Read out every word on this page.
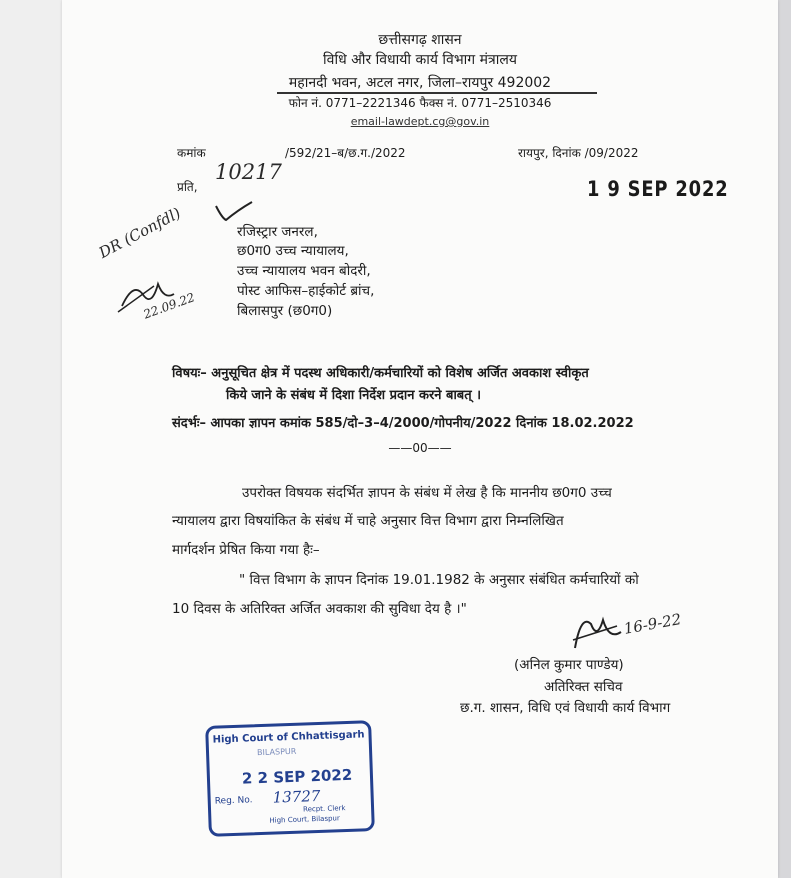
छत्तीसगढ़ शासन
विधि और विधायी कार्य विभाग मंत्रालय
महानदी भवन, अटल नगर, जिला–रायपुर 492002
फोन नं. 0771–2221346 फैक्स नं. 0771–2510346
email-lawdept.cg@gov.in
कमांक	/592/21–ब/छ.ग./2022	रायपुर, दिनांक /09/2022
10217
प्रति,	1 9 SEP 2022
रजिस्ट्रार जनरल,
छ0ग0 उच्च न्यायालय,
उच्च न्यायालय भवन बोदरी,
पोस्ट आफिस–हाईकोर्ट ब्रांच,
बिलासपुर (छ0ग0)
DR (Confdl)
22.09.22
विषयः– अनुसूचित क्षेत्र में पदस्थ अधिकारी/कर्मचारियों को विशेष अर्जित अवकाश स्वीकृत
किये जाने के संबंध में दिशा निर्देश प्रदान करने बाबत् ।
संदर्भः– आपका ज्ञापन कमांक 585/दो–3–4/2000/गोपनीय/2022 दिनांक 18.02.2022
——00——
उपरोक्त विषयक संदर्भित ज्ञापन के संबंध में लेख है कि माननीय छ0ग0 उच्च
न्यायालय द्वारा विषयांकित के संबंध में चाहे अनुसार वित्त विभाग द्वारा निम्नलिखित
मार्गदर्शन प्रेषित किया गया हैः–
" वित्त विभाग के ज्ञापन दिनांक 19.01.1982 के अनुसार संबंधित कर्मचारियों को
10 दिवस के अतिरिक्त अर्जित अवकाश की सुविधा देय है ।"
16-9-22
(अनिल कुमार पाण्डेय)
अतिरिक्त सचिव
छ.ग. शासन, विधि एवं विधायी कार्य विभाग
High Court of Chhattisgarh
BILASPUR
2 2 SEP 2022
Reg. No. 13727
Recpt. Clerk
High Court, Bilaspur
